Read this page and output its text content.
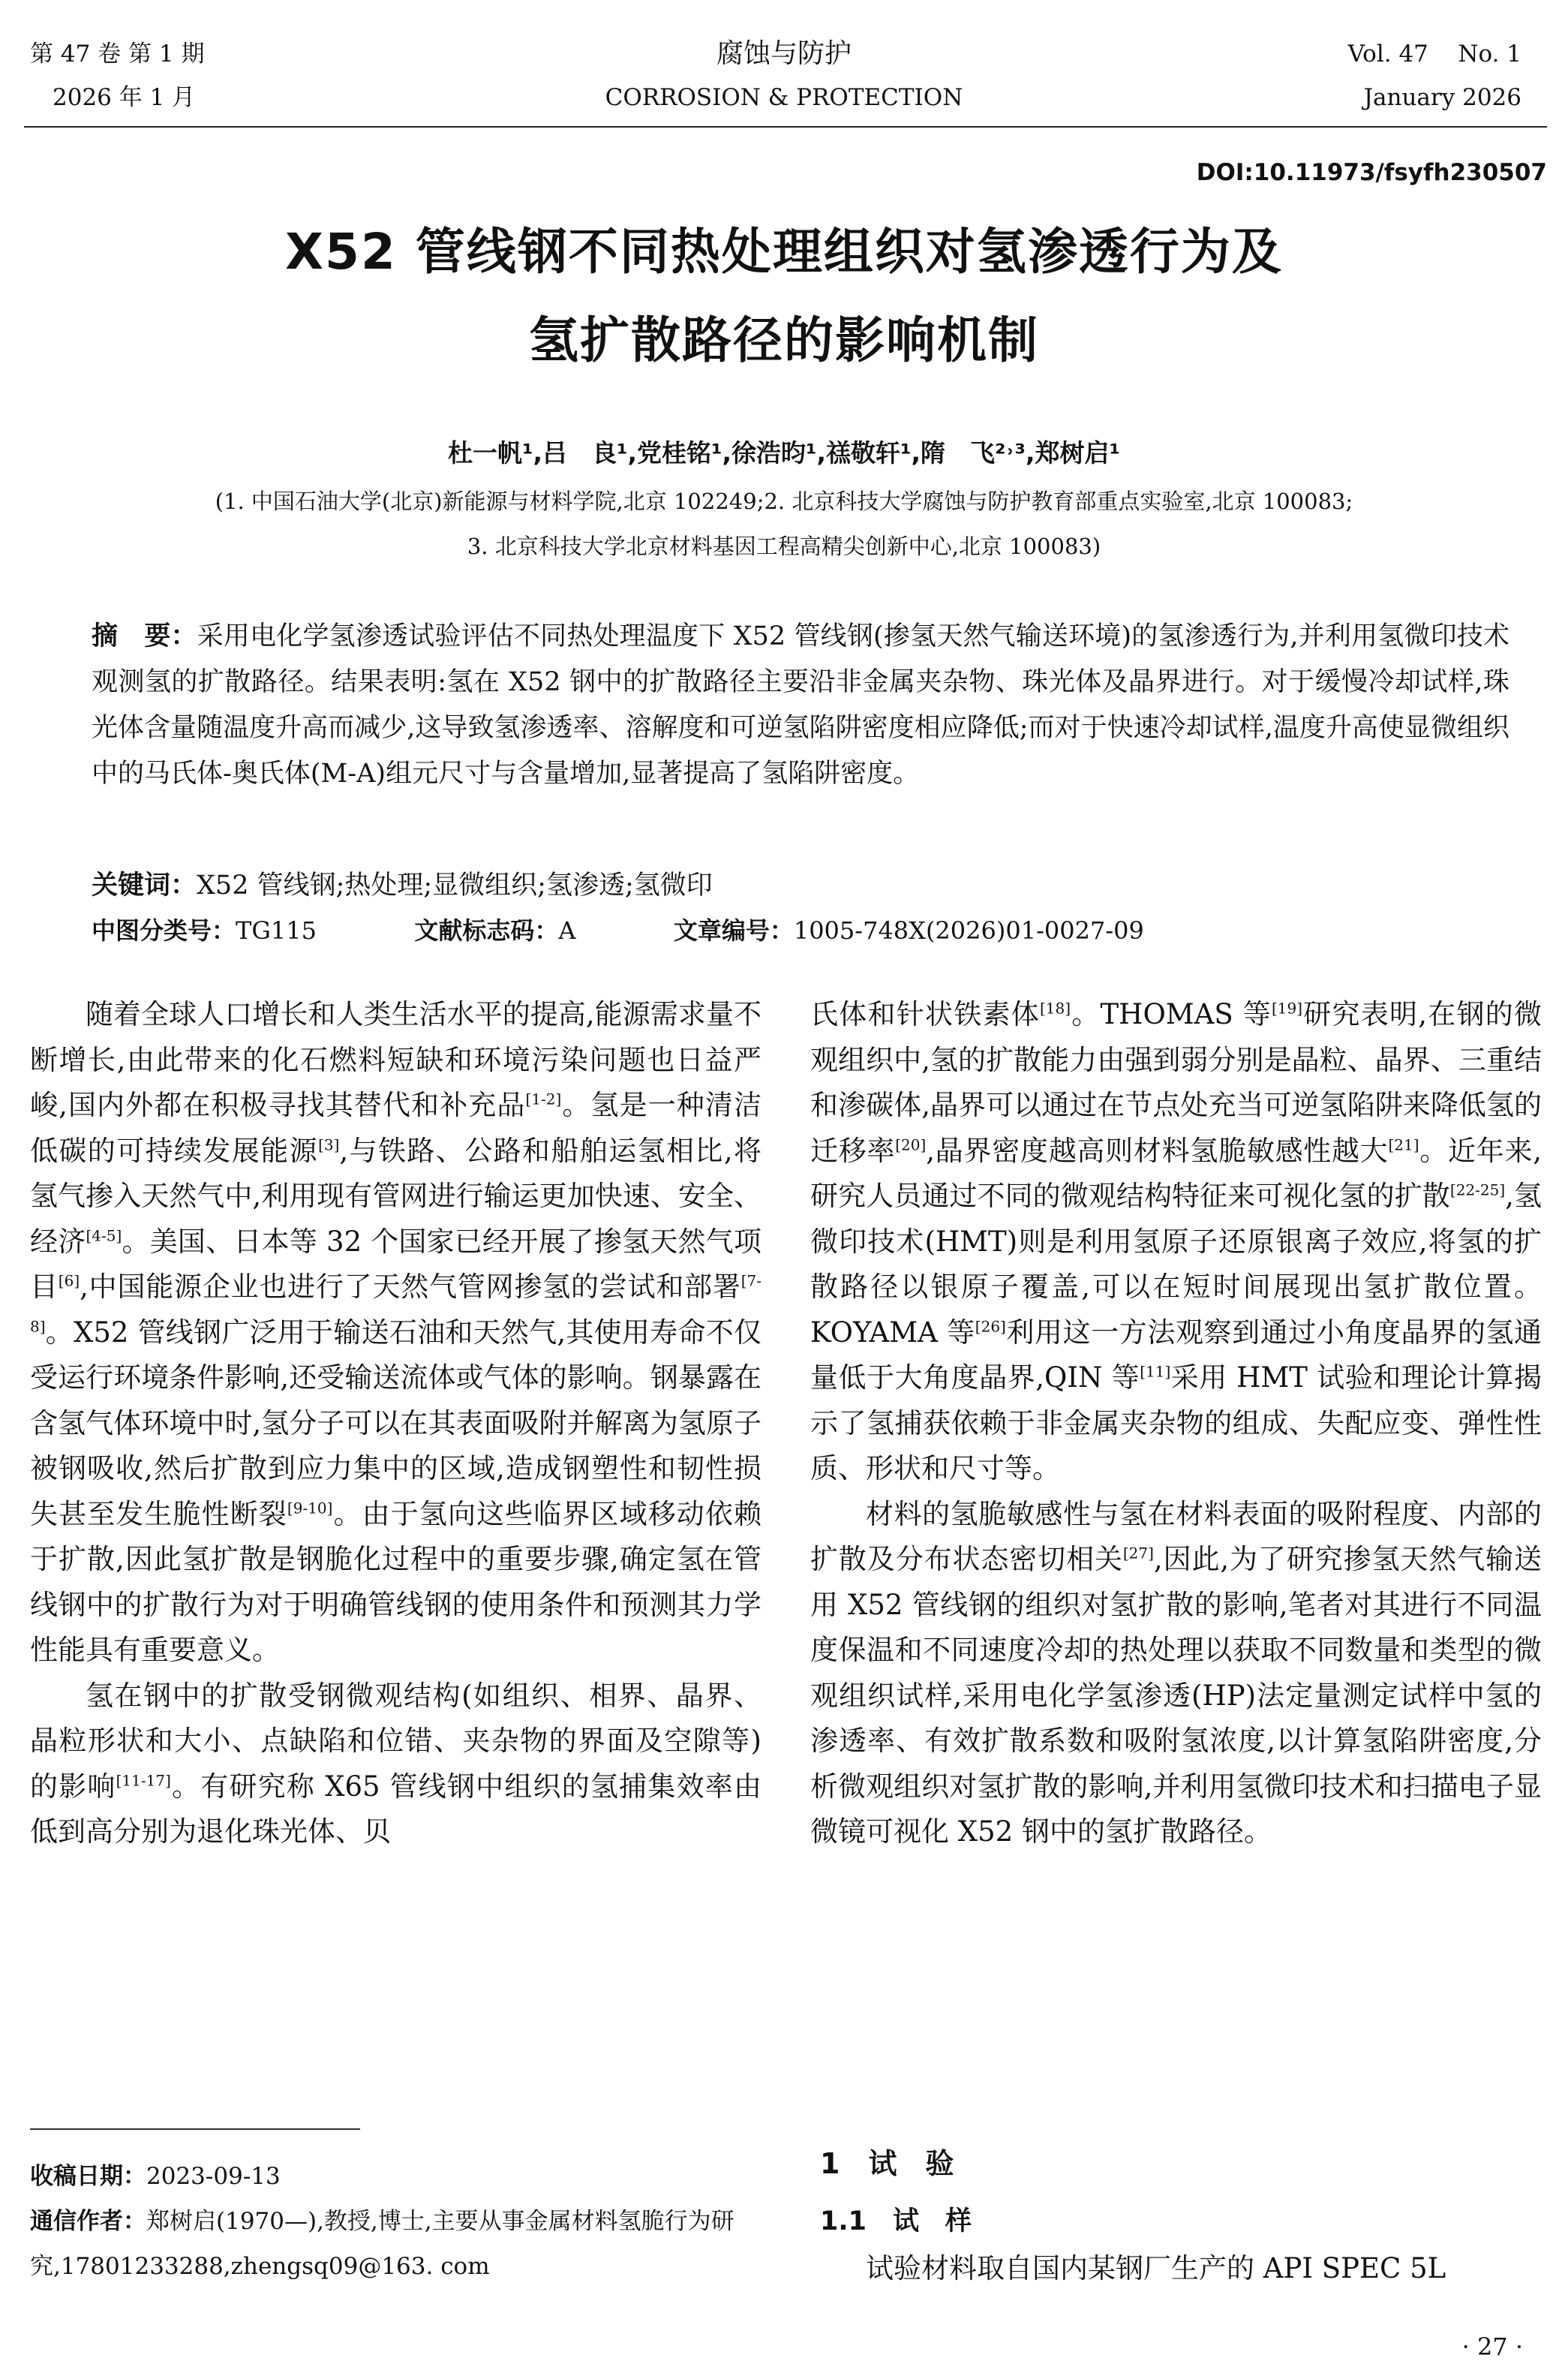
第 47 卷 第 1 期
2026 年 1 月
腐蚀与防护
CORROSION & PROTECTION
Vol. 47    No. 1
January 2026
DOI:10.11973/fsyfh230507
X52 管线钢不同热处理组织对氢渗透行为及
氢扩散路径的影响机制
杜一帆¹,吕　良¹,党桂铭¹,徐浩昀¹,禚敬轩¹,隋　飞²˒³,郑树启¹
(1. 中国石油大学(北京)新能源与材料学院,北京 102249;2. 北京科技大学腐蚀与防护教育部重点实验室,北京 100083;
3. 北京科技大学北京材料基因工程高精尖创新中心,北京 100083)
摘　要：采用电化学氢渗透试验评估不同热处理温度下 X52 管线钢(掺氢天然气输送环境)的氢渗透行为,并利用氢微印技术观测氢的扩散路径。结果表明:氢在 X52 钢中的扩散路径主要沿非金属夹杂物、珠光体及晶界进行。对于缓慢冷却试样,珠光体含量随温度升高而减少,这导致氢渗透率、溶解度和可逆氢陷阱密度相应降低;而对于快速冷却试样,温度升高使显微组织中的马氏体-奥氏体(M-A)组元尺寸与含量增加,显著提高了氢陷阱密度。
关键词：X52 管线钢;热处理;显微组织;氢渗透;氢微印
中图分类号：TG115	文献标志码：A	文章编号：1005-748X(2026)01-0027-09

随着全球人口增长和人类生活水平的提高,能源需求量不断增长,由此带来的化石燃料短缺和环境污染问题也日益严峻,国内外都在积极寻找其替代和补充品[1-2]。氢是一种清洁低碳的可持续发展能源[3],与铁路、公路和船舶运氢相比,将氢气掺入天然气中,利用现有管网进行输运更加快速、安全、经济[4-5]。美国、日本等 32 个国家已经开展了掺氢天然气项目[6],中国能源企业也进行了天然气管网掺氢的尝试和部署[7-8]。X52 管线钢广泛用于输送石油和天然气,其使用寿命不仅受运行环境条件影响,还受输送流体或气体的影响。钢暴露在含氢气体环境中时,氢分子可以在其表面吸附并解离为氢原子被钢吸收,然后扩散到应力集中的区域,造成钢塑性和韧性损失甚至发生脆性断裂[9-10]。由于氢向这些临界区域移动依赖于扩散,因此氢扩散是钢脆化过程中的重要步骤,确定氢在管线钢中的扩散行为对于明确管线钢的使用条件和预测其力学性能具有重要意义。

氢在钢中的扩散受钢微观结构(如组织、相界、晶界、晶粒形状和大小、点缺陷和位错、夹杂物的界面及空隙等)的影响[11-17]。有研究称 X65 管线钢中组织的氢捕集效率由低到高分别为退化珠光体、贝

氏体和针状铁素体[18]。THOMAS 等[19]研究表明,在钢的微观组织中,氢的扩散能力由强到弱分别是晶粒、晶界、三重结和渗碳体,晶界可以通过在节点处充当可逆氢陷阱来降低氢的迁移率[20],晶界密度越高则材料氢脆敏感性越大[21]。近年来,研究人员通过不同的微观结构特征来可视化氢的扩散[22-25],氢微印技术(HMT)则是利用氢原子还原银离子效应,将氢的扩散路径以银原子覆盖,可以在短时间展现出氢扩散位置。KOYAMA 等[26]利用这一方法观察到通过小角度晶界的氢通量低于大角度晶界,QIN 等[11]采用 HMT 试验和理论计算揭示了氢捕获依赖于非金属夹杂物的组成、失配应变、弹性性质、形状和尺寸等。

材料的氢脆敏感性与氢在材料表面的吸附程度、内部的扩散及分布状态密切相关[27],因此,为了研究掺氢天然气输送用 X52 管线钢的组织对氢扩散的影响,笔者对其进行不同温度保温和不同速度冷却的热处理以获取不同数量和类型的微观组织试样,采用电化学氢渗透(HP)法定量测定试样中氢的渗透率、有效扩散系数和吸附氢浓度,以计算氢陷阱密度,分析微观组织对氢扩散的影响,并利用氢微印技术和扫描电子显微镜可视化 X52 钢中的氢扩散路径。

1　试　验
1.1　试　样

试验材料取自国内某钢厂生产的 API SPEC 5L

收稿日期：2023-09-13
通信作者：郑树启(1970—),教授,博士,主要从事金属材料氢脆行为研究,17801233288,zhengsq09@163. com
· 27 ·
